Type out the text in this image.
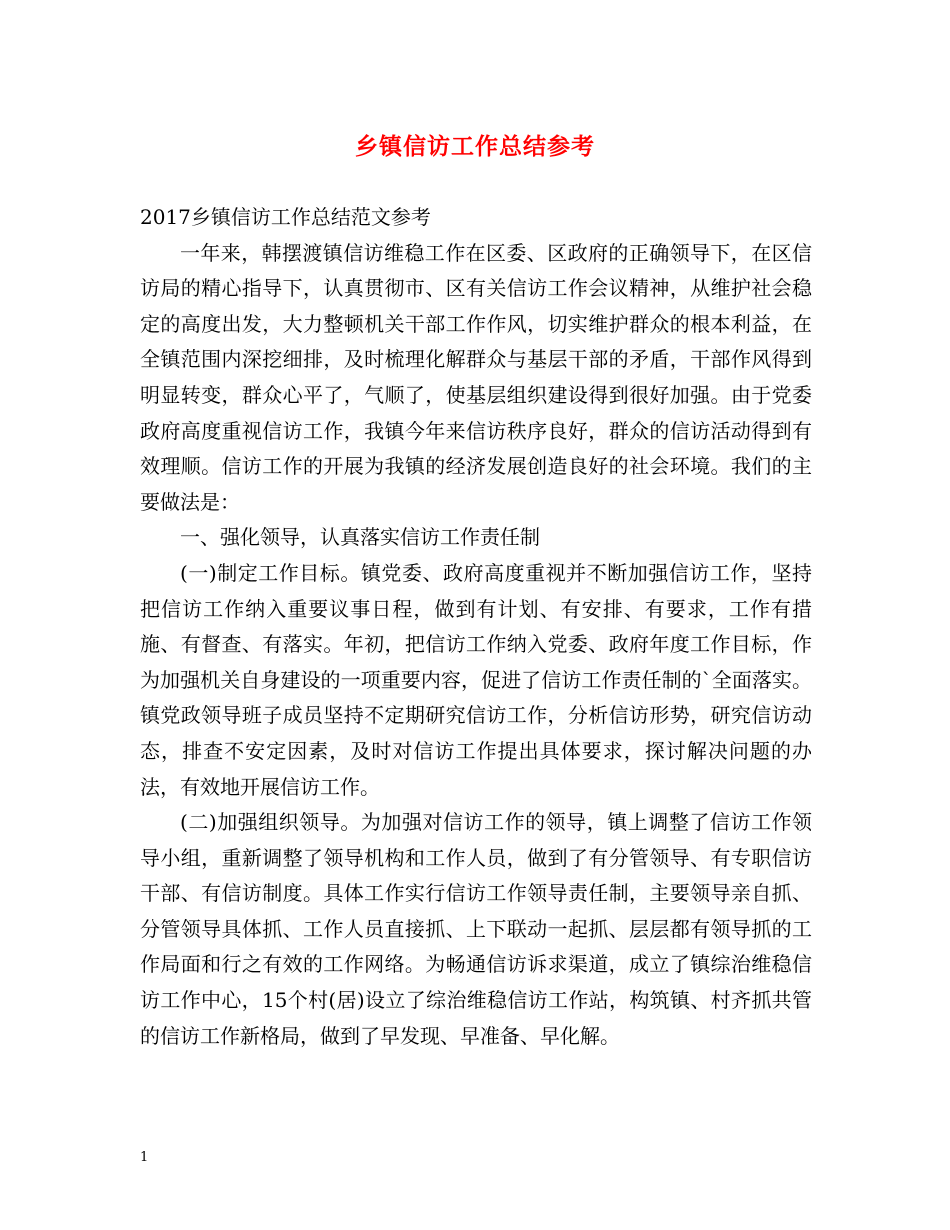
乡镇信访工作总结参考

2017乡镇信访工作总结范文参考

一年来，韩摆渡镇信访维稳工作在区委、区政府的正确领导下，在区信访局的精心指导下，认真贯彻市、区有关信访工作会议精神，从维护社会稳定的高度出发，大力整顿机关干部工作作风，切实维护群众的根本利益，在全镇范围内深挖细排，及时梳理化解群众与基层干部的矛盾，干部作风得到明显转变，群众心平了，气顺了，使基层组织建设得到很好加强。由于党委政府高度重视信访工作，我镇今年来信访秩序良好，群众的信访活动得到有效理顺。信访工作的开展为我镇的经济发展创造良好的社会环境。我们的主要做法是：

一、强化领导，认真落实信访工作责任制

(一)制定工作目标。镇党委、政府高度重视并不断加强信访工作，坚持把信访工作纳入重要议事日程，做到有计划、有安排、有要求，工作有措施、有督查、有落实。年初，把信访工作纳入党委、政府年度工作目标，作为加强机关自身建设的一项重要内容，促进了信访工作责任制的`全面落实。镇党政领导班子成员坚持不定期研究信访工作，分析信访形势，研究信访动态，排查不安定因素，及时对信访工作提出具体要求，探讨解决问题的办法，有效地开展信访工作。

(二)加强组织领导。为加强对信访工作的领导，镇上调整了信访工作领导小组，重新调整了领导机构和工作人员，做到了有分管领导、有专职信访干部、有信访制度。具体工作实行信访工作领导责任制，主要领导亲自抓、分管领导具体抓、工作人员直接抓、上下联动一起抓、层层都有领导抓的工作局面和行之有效的工作网络。为畅通信访诉求渠道，成立了镇综治维稳信访工作中心，15个村(居)设立了综治维稳信访工作站，构筑镇、村齐抓共管的信访工作新格局，做到了早发现、早准备、早化解。

1
